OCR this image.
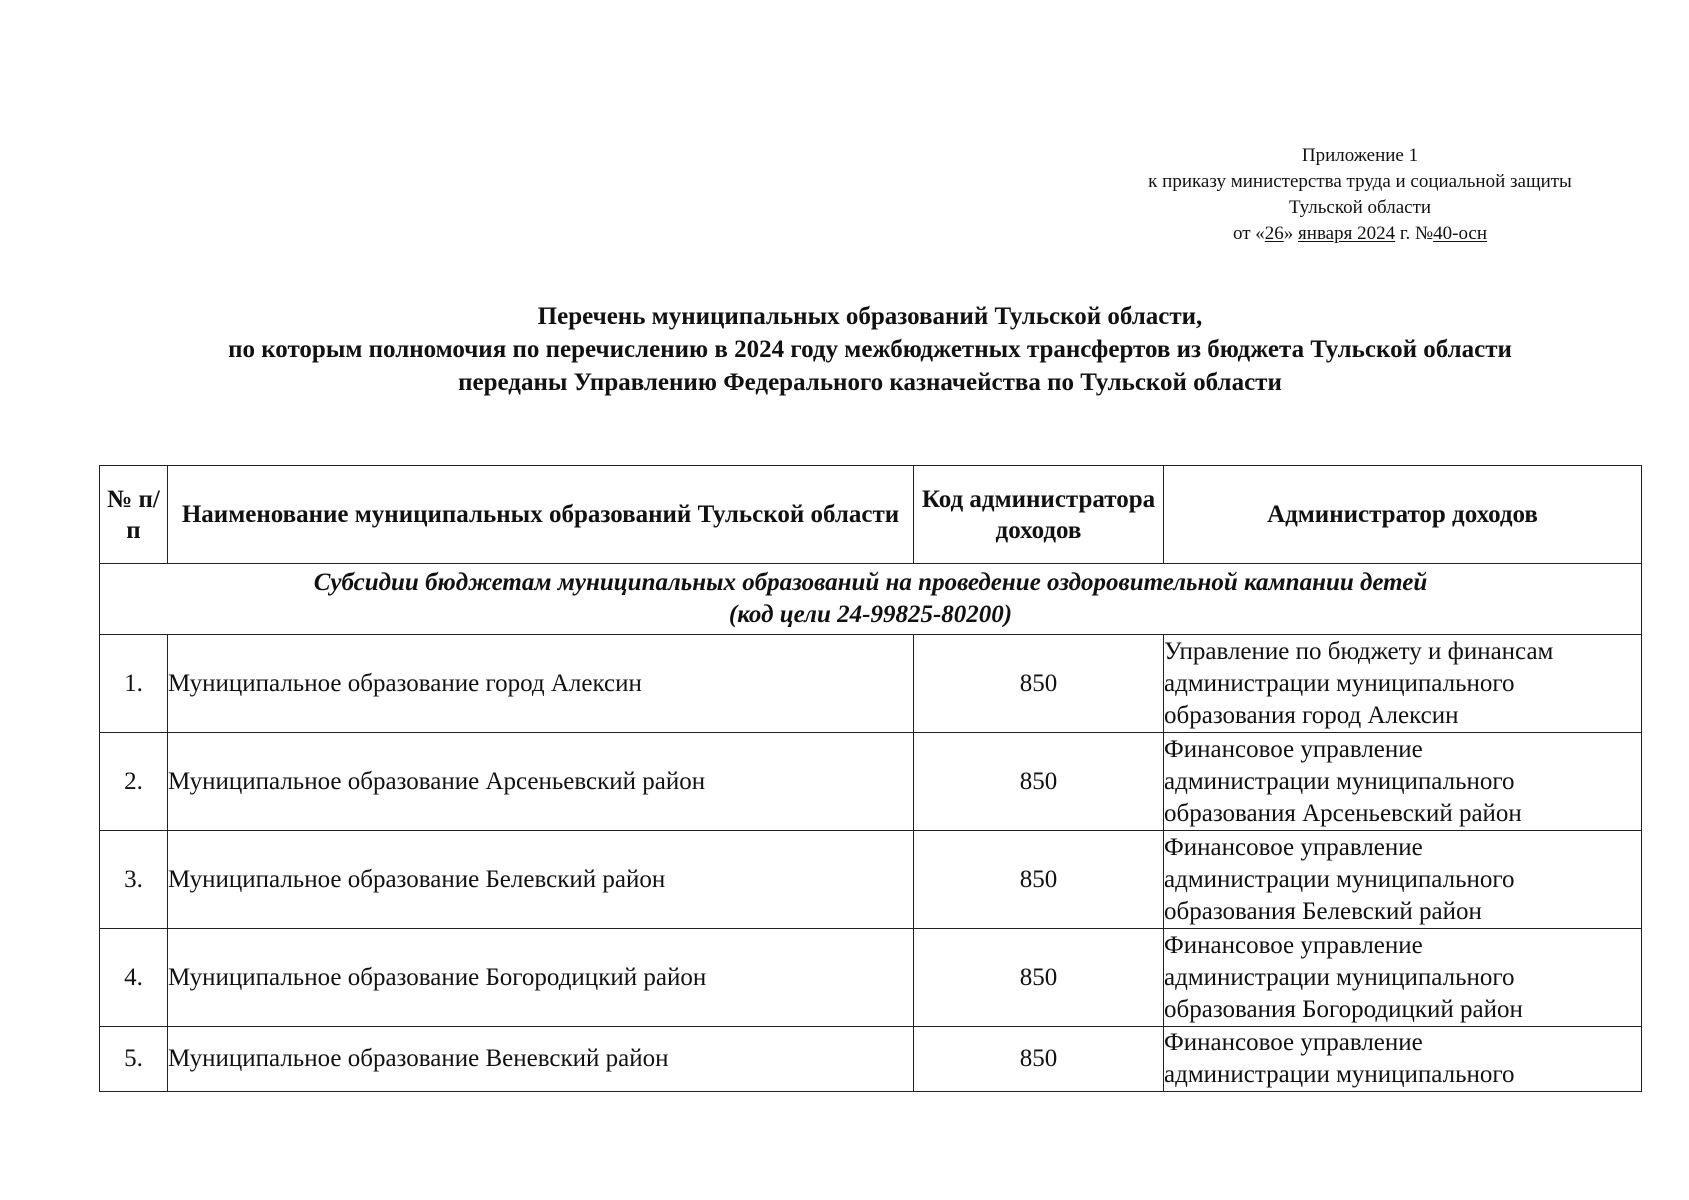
Приложение 1
к приказу министерства труда и социальной защиты
Тульской области
от «26» января 2024 г. №40-осн
Перечень муниципальных образований Тульской области,
по которым полномочия по перечислению в 2024 году межбюджетных трансфертов из бюджета Тульской области
переданы Управлению Федерального казначейства по Тульской области
№ п/п	Наименование муниципальных образований Тульской области	Код администратора доходов	Администратор доходов

Субсидии бюджетам муниципальных образований на проведение оздоровительной кампании детей
(код цели 24-99825-80200)			

1.	Муниципальное образование город Алексин	850	Управление по бюджету и финансам
администрации муниципального
образования город Алексин

2.	Муниципальное образование Арсеньевский район	850	Финансовое управление
администрации муниципального
образования Арсеньевский район

3.	Муниципальное образование Белевский район	850	Финансовое управление
администрации муниципального
образования Белевский район

4.	Муниципальное образование Богородицкий район	850	Финансовое управление
администрации муниципального
образования Богородицкий район

5.	Муниципальное образование Веневский район	850	Финансовое управление
администрации муниципального
